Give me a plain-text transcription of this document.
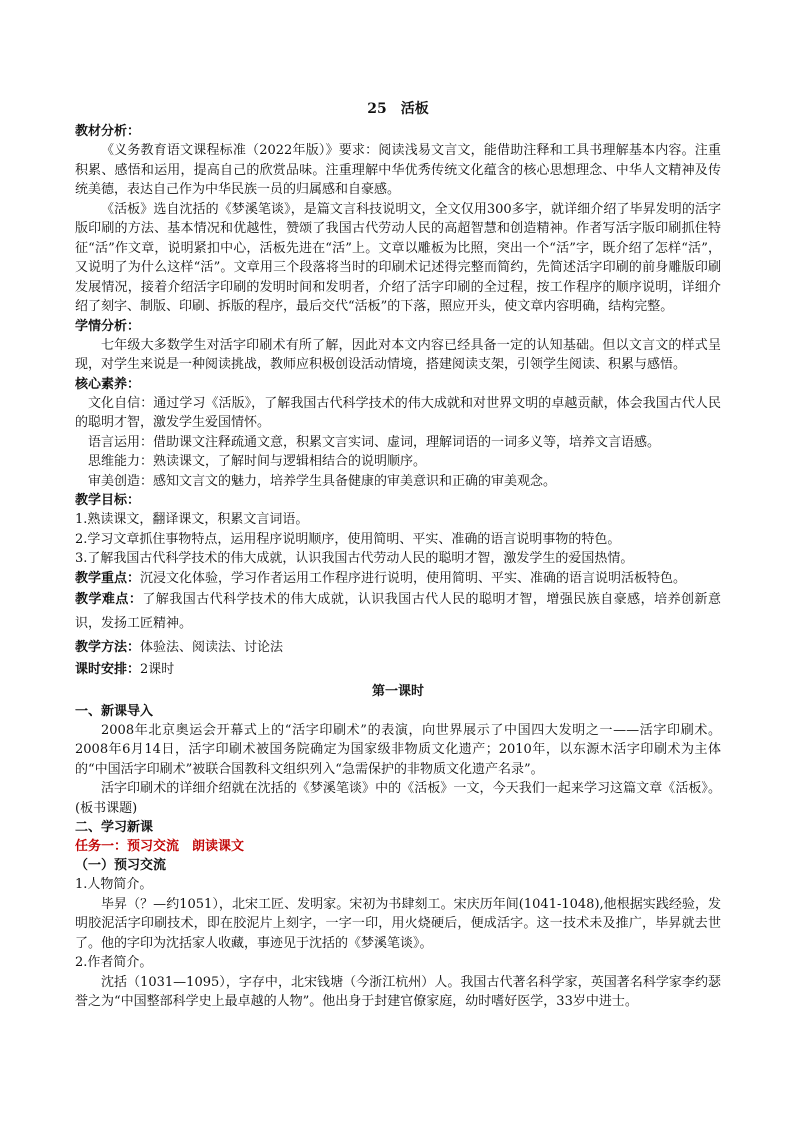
25　活板

教材分析：

《义务教育语文课程标准（2022年版）》要求：阅读浅易文言文，能借助注释和工具书理解基本内容。注重积累、感悟和运用，提高自己的欣赏品味。注重理解中华优秀传统文化蕴含的核心思想理念、中华人文精神及传统美德，表达自己作为中华民族一员的归属感和自豪感。

《活板》选自沈括的《梦溪笔谈》，是篇文言科技说明文，全文仅用300多字，就详细介绍了毕昇发明的活字版印刷的方法、基本情况和优越性，赞颂了我国古代劳动人民的高超智慧和创造精神。作者写活字版印刷抓住特征“活”作文章，说明紧扣中心，活板先进在“活”上。文章以雕板为比照，突出一个“活”字，既介绍了怎样“活”，又说明了为什么这样“活”。文章用三个段落将当时的印刷术记述得完整而简约，先简述活字印刷的前身雕版印刷发展情况，接着介绍活字印刷的发明时间和发明者，介绍了活字印刷的全过程，按工作程序的顺序说明，详细介绍了刻字、制版、印刷、拆版的程序，最后交代“活板”的下落，照应开头，使文章内容明确，结构完整。

学情分析：

七年级大多数学生对活字印刷术有所了解，因此对本文内容已经具备一定的认知基础。但以文言文的样式呈现，对学生来说是一种阅读挑战，教师应积极创设活动情境，搭建阅读支架，引领学生阅读、积累与感悟。

核心素养：

文化自信：通过学习《活版》，了解我国古代科学技术的伟大成就和对世界文明的卓越贡献，体会我国古代人民的聪明才智，激发学生爱国情怀。

语言运用：借助课文注释疏通文意，积累文言实词、虚词，理解词语的一词多义等，培养文言语感。

思维能力：熟读课文，了解时间与逻辑相结合的说明顺序。

审美创造：感知文言文的魅力，培养学生具备健康的审美意识和正确的审美观念。

教学目标：

1.熟读课文，翻译课文，积累文言词语。

2.学习文章抓住事物特点，运用程序说明顺序，使用简明、平实、准确的语言说明事物的特色。

3.了解我国古代科学技术的伟大成就，认识我国古代劳动人民的聪明才智，激发学生的爱国热情。

教学重点：沉浸文化体验，学习作者运用工作程序进行说明，使用简明、平实、准确的语言说明活板特色。

教学难点：了解我国古代科学技术的伟大成就，认识我国古代人民的聪明才智，增强民族自豪感，培养创新意识，发扬工匠精神。

教学方法：体验法、阅读法、讨论法

课时安排：2课时

第一课时

一、新课导入

2008年北京奥运会开幕式上的“活字印刷术”的表演，向世界展示了中国四大发明之一——活字印刷术。2008年6月14日，活字印刷术被国务院确定为国家级非物质文化遗产；2010年，以东源木活字印刷术为主体的“中国活字印刷术”被联合国教科文组织列入“急需保护的非物质文化遗产名录”。

活字印刷术的详细介绍就在沈括的《梦溪笔谈》中的《活板》一文，今天我们一起来学习这篇文章《活板》。(板书课题)

二、学习新课

任务一：预习交流　朗读课文

（一）预习交流

1.人物简介。

毕昇（？—约1051），北宋工匠、发明家。宋初为书肆刻工。宋庆历年间(1041-1048),他根据实践经验，发明胶泥活字印刷技术，即在胶泥片上刻字，一字一印，用火烧硬后，便成活字。这一技术未及推广，毕昇就去世了。他的字印为沈括家人收藏，事迹见于沈括的《梦溪笔谈》。

2.作者简介。

沈括（1031—1095），字存中，北宋钱塘（今浙江杭州）人。我国古代著名科学家，英国著名科学家李约瑟誉之为“中国整部科学史上最卓越的人物”。他出身于封建官僚家庭，幼时嗜好医学，33岁中进士。
